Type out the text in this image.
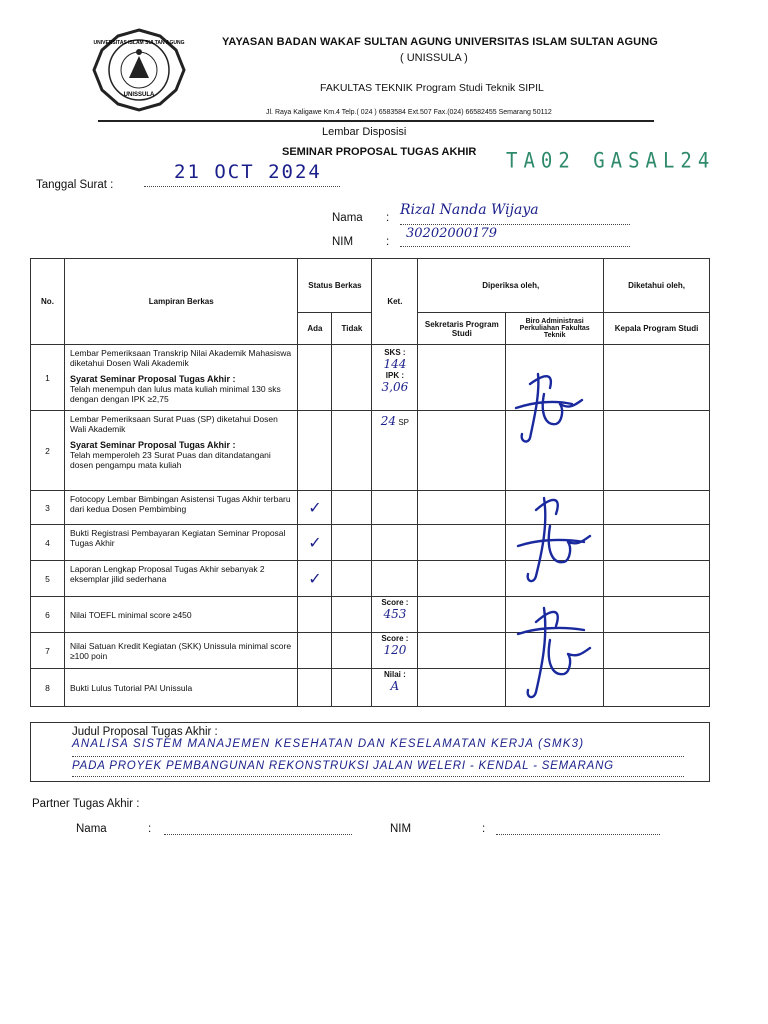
UNIVERSITAS ISLAM SULTAN AGUNG
UNISSULA
YAYASAN BADAN WAKAF SULTAN AGUNG UNIVERSITAS ISLAM SULTAN AGUNG
( UNISSULA )
FAKULTAS TEKNIK Program Studi Teknik SIPIL
Jl. Raya Kaligawe Km.4 Telp.( 024 ) 6583584 Ext.507 Fax.(024) 66582455 Semarang 50112
Lembar Disposisi
SEMINAR PROPOSAL TUGAS AKHIR TA02 GASAL24
Tanggal Surat :
21 OCT 2024
Nama : Rizal Nanda Wijaya
NIM	:
30202000179
No.	Lampiran Berkas	Status Berkas		Ket.	Diperiksa oleh,		Diketahui oleh,
		Ada	Tidak		Sekretaris Program Studi	Biro Administrasi Perkuliahan Fakultas Teknik	Kepala Program Studi
1	Lembar Pemeriksaan Transkrip Nilai Akademik Mahasiswa diketahui Dosen Wali Akademik
Syarat Seminar Proposal Tugas Akhir :
Telah menempuh dan lulus mata kuliah minimal 130 sks dengan dengan IPK ≥2,75			SKS :
144
IPK :
3,06			

2	Lembar Pemeriksaan Surat Puas (SP) diketahui Dosen Wali Akademik
Syarat Seminar Proposal Tugas Akhir :
Telah memperoleh 23 Surat Puas dan ditandatangani dosen pengampu mata kuliah			24 SP			
3	Fotocopy Lembar Bimbingan Asistensi Tugas Akhir terbaru dari kedua Dosen Pembimbing	✓					
4	Bukti Registrasi Pembayaran Kegiatan Seminar Proposal Tugas Akhir	✓					
5	Laporan Lengkap Proposal Tugas Akhir sebanyak 2 eksemplar jilid sederhana	✓					
6	Nilai TOEFL minimal score ≥450			Score :
453			

7	Nilai Satuan Kredit Kegiatan (SKK) Unissula minimal score ≥100 poin			Score :
120			

8	Bukti Lulus Tutorial PAI Unissula			Nilai :
A			

Judul Proposal Tugas Akhir :
ANALISA SISTEM MANAJEMEN KESEHATAN DAN KESELAMATAN KERJA (SMK3)
PADA PROYEK PEMBANGUNAN REKONSTRUKSI JALAN WELERI - KENDAL - SEMARANG
Partner Tugas Akhir :
Nama	:	NIM	:
